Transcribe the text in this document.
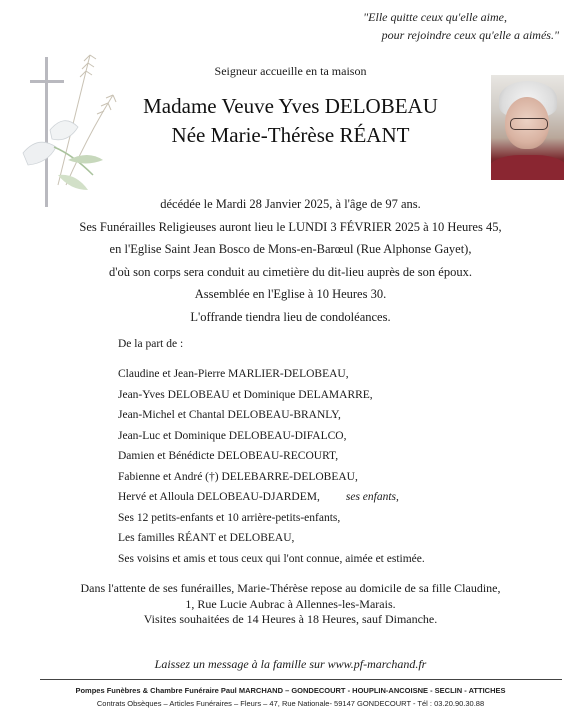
"Elle quitte ceux qu'elle aime,
pour rejoindre ceux qu'elle a aimés."
Seigneur accueille en ta maison
Madame Veuve Yves DELOBEAU
Née Marie-Thérèse RÉANT
décédée le Mardi 28 Janvier 2025, à l'âge de 97 ans.
Ses Funérailles Religieuses auront lieu le LUNDI 3 FÉVRIER 2025 à 10 Heures 45,
en l'Eglise Saint Jean Bosco de Mons-en-Barœul (Rue Alphonse Gayet),
d'où son corps sera conduit au cimetière du dit-lieu auprès de son époux.
Assemblée en l'Eglise à 10 Heures 30.
L'offrande tiendra lieu de condoléances.
De la part de :
Claudine et Jean-Pierre MARLIER-DELOBEAU,
Jean-Yves DELOBEAU et Dominique DELAMARRE,
Jean-Michel et Chantal DELOBEAU-BRANLY,
Jean-Luc et Dominique DELOBEAU-DIFALCO,
Damien et Bénédicte DELOBEAU-RECOURT,
Fabienne et André (†) DELEBARRE-DELOBEAU,
Hervé et Alloula DELOBEAU-DJARDEM, ses enfants,
Ses 12 petits-enfants et 10 arrière-petits-enfants,
Les familles RÉANT et DELOBEAU,
Ses voisins et amis et tous ceux qui l'ont connue, aimée et estimée.
Dans l'attente de ses funérailles, Marie-Thérèse repose au domicile de sa fille Claudine,
1, Rue Lucie Aubrac à Allennes-les-Marais.
Visites souhaitées de 14 Heures à 18 Heures, sauf Dimanche.
Laissez un message à la famille sur www.pf-marchand.fr
Pompes Funèbres & Chambre Funéraire Paul MARCHAND – GONDECOURT - HOUPLIN-ANCOISNE - SECLIN - ATTICHES
Contrats Obsèques – Articles Funéraires – Fleurs – 47, Rue Nationale- 59147 GONDECOURT - Tél : 03.20.90.30.88
